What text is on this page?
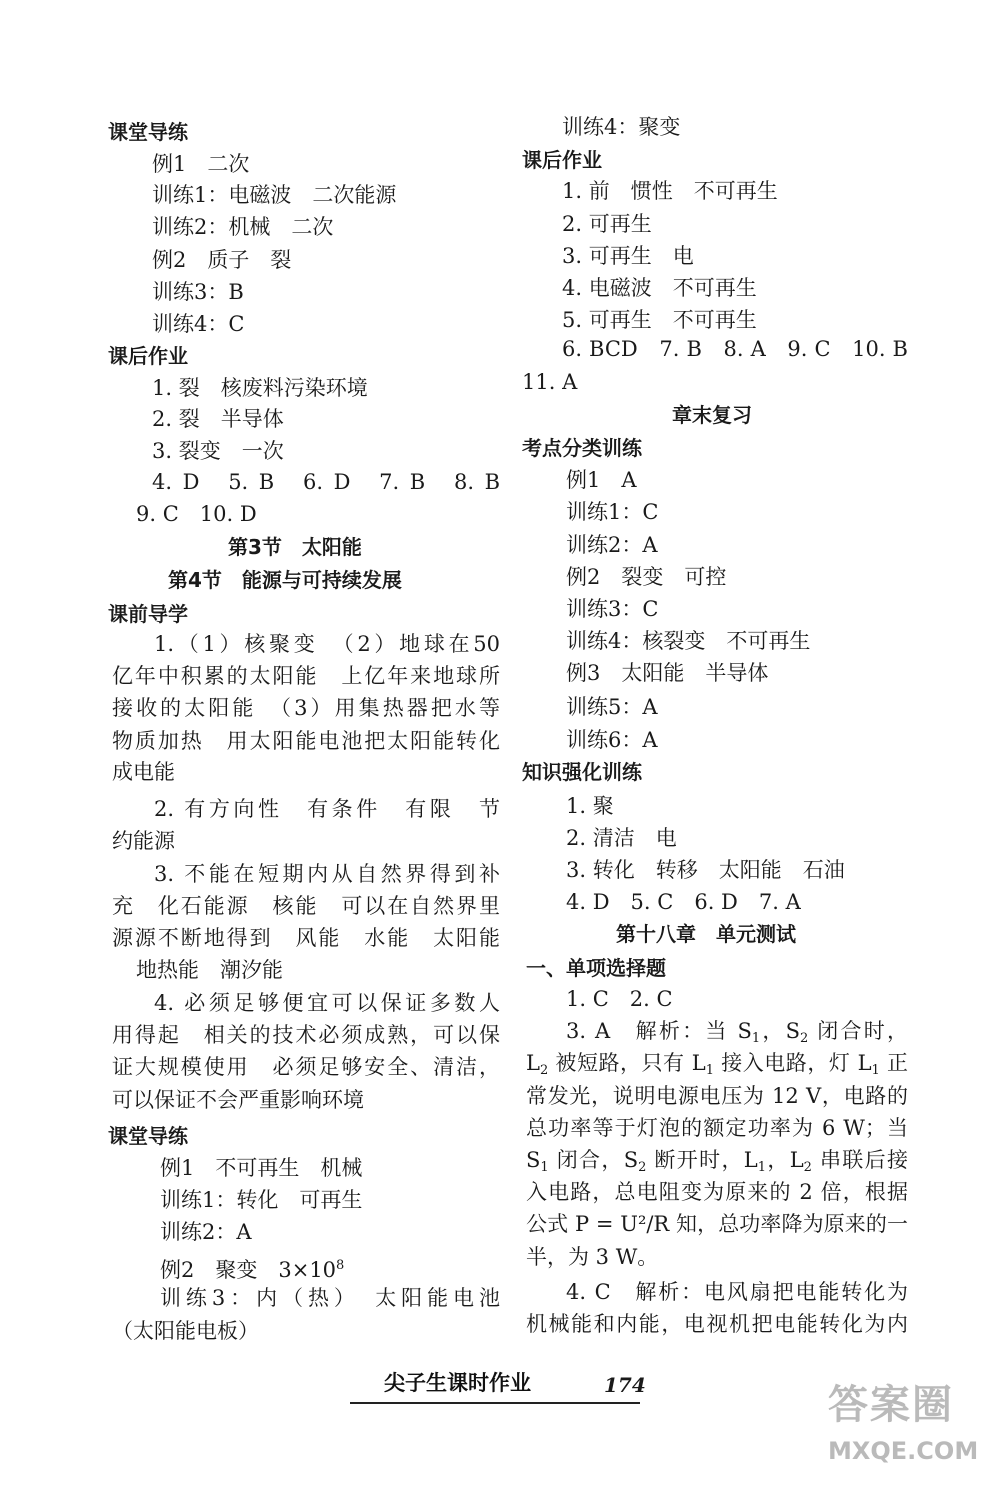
课堂导练
例1　二次
训练1：电磁波　二次能源
训练2：机械　二次
例2　质子　裂
训练3：B
训练4：C
课后作业
1. 裂　核废料污染环境
2. 裂　半导体
3. 裂变　一次
4. D　5. B　6. D　7. B　8. B
9. C　10. D
第3节　太阳能
第4节　能源与可持续发展
课前导学
1.（1）核聚变　（2）地球在50
亿年中积累的太阳能　上亿年来地球所
接收的太阳能　（3）用集热器把水等
物质加热　用太阳能电池把太阳能转化
成电能
2. 有方向性　有条件　有限　节
约能源
3. 不能在短期内从自然界得到补
充　化石能源　核能　可以在自然界里
源源不断地得到　风能　水能　太阳能
地热能　潮汐能
4. 必须足够便宜可以保证多数人
用得起　相关的技术必须成熟，可以保
证大规模使用　必须足够安全、清洁，
可以保证不会严重影响环境
课堂导练
例1　不可再生　机械
训练1：转化　可再生
训练2：A
例2　聚变　$3\times 10^8$
训练3：内（热）　太阳能电池
（太阳能电板）
训练4：聚变
课后作业
1. 前　惯性　不可再生
2. 可再生
3. 可再生　电
4. 电磁波　不可再生
5. 可再生　不可再生
6. BCD　7. B　8. A　9. C　10. B
11. A
章末复习
考点分类训练
例1　A
训练1：C
训练2：A
例2　裂变　可控
训练3：C
训练4：核裂变　不可再生
例3　太阳能　半导体
训练5：A
训练6：A
知识强化训练
1. 聚
2. 清洁　电
3. 转化　转移　太阳能　石油
4. D　5. C　6. D　7. A
第十八章　单元测试
一、单项选择题
1. C　2. C
3. A　解析：当 $S_1$，$S_2$ 闭合时，
$L_2$ 被短路，只有 $L_1$ 接入电路，灯 $L_1$ 正
常发光，说明电源电压为 12 V，电路的
总功率等于灯泡的额定功率为 6 W；当
$S_1$ 闭合，$S_2$ 断开时，$L_1$，$L_2$ 串联后接
入电路，总电阻变为原来的 2 倍，根据
公式 P = U²/R 知，总功率降为原来的一
半，为 3 W。
4. C　解析：电风扇把电能转化为
机械能和内能，电视机把电能转化为内
尖子生课时作业	174	答案圈
MXQE.COM
